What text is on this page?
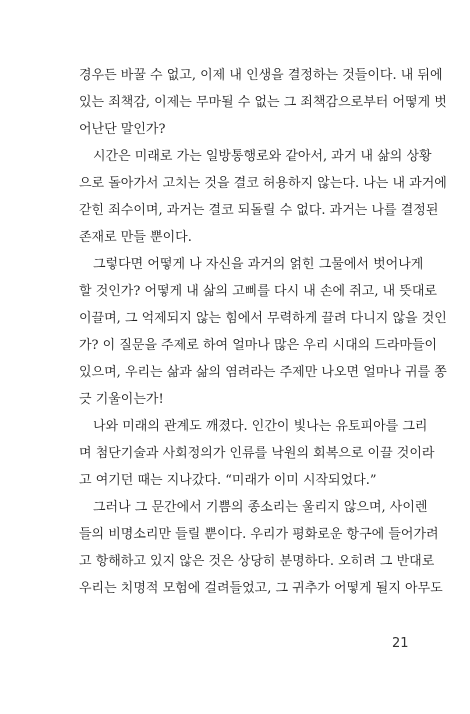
경우든 바꿀 수 없고, 이제 내 인생을 결정하는 것들이다. 내 뒤에
있는 죄책감, 이제는 무마될 수 없는 그 죄책감으로부터 어떻게 벗
어난단 말인가?
시간은 미래로 가는 일방통행로와 같아서, 과거 내 삶의 상황
으로 돌아가서 고치는 것을 결코 허용하지 않는다. 나는 내 과거에
갇힌 죄수이며, 과거는 결코 되돌릴 수 없다. 과거는 나를 결정된
존재로 만들 뿐이다.
그렇다면 어떻게 나 자신을 과거의 얽힌 그물에서 벗어나게
할 것인가? 어떻게 내 삶의 고삐를 다시 내 손에 쥐고, 내 뜻대로
이끌며, 그 억제되지 않는 힘에서 무력하게 끌려 다니지 않을 것인
가? 이 질문을 주제로 하여 얼마나 많은 우리 시대의 드라마들이
있으며, 우리는 삶과 삶의 염려라는 주제만 나오면 얼마나 귀를 쫑
긋 기울이는가!
나와 미래의 관계도 깨졌다. 인간이 빛나는 유토피아를 그리
며 첨단기술과 사회정의가 인류를 낙원의 회복으로 이끌 것이라
고 여기던 때는 지나갔다. “미래가 이미 시작되었다.”
그러나 그 문간에서 기쁨의 종소리는 울리지 않으며, 사이렌
들의 비명소리만 들릴 뿐이다. 우리가 평화로운 항구에 들어가려
고 항해하고 있지 않은 것은 상당히 분명하다. 오히려 그 반대로
우리는 치명적 모험에 걸려들었고, 그 귀추가 어떻게 될지 아무도
21
